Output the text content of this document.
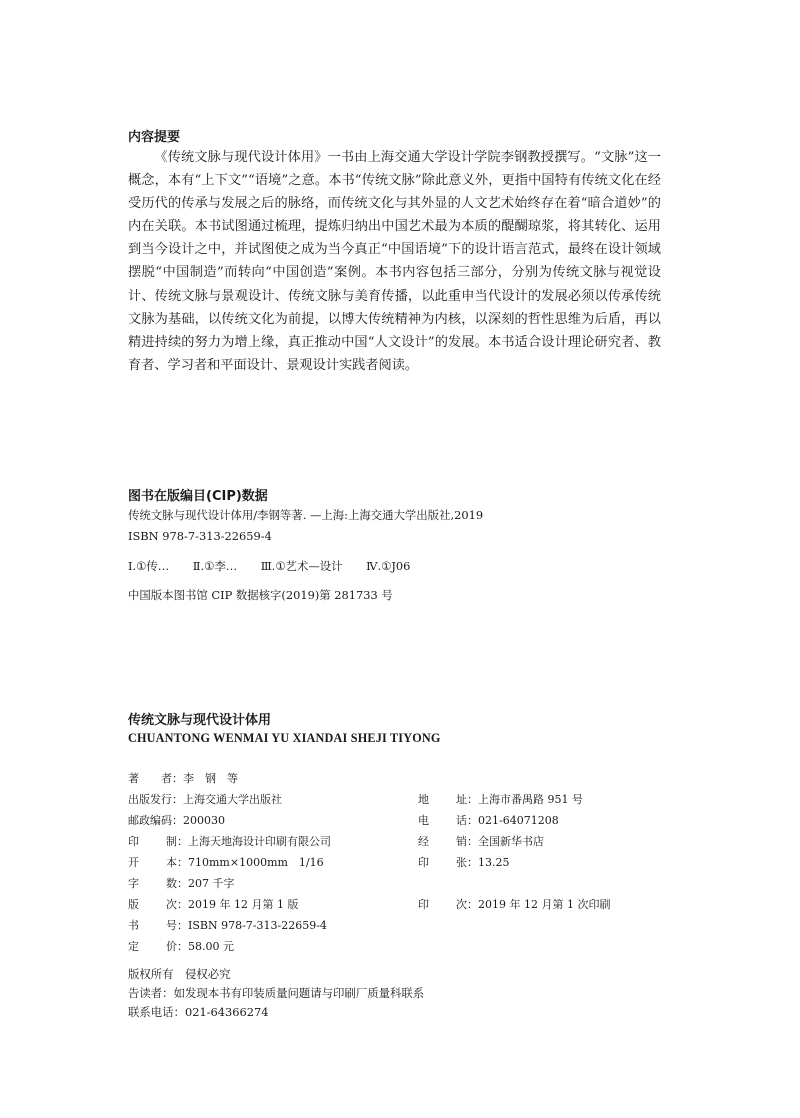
内容提要
《传统文脉与现代设计体用》一书由上海交通大学设计学院李钢教授撰写。“文脉”这一概念，本有“上下文”“语境”之意。本书“传统文脉”除此意义外，更指中国特有传统文化在经受历代的传承与发展之后的脉络，而传统文化与其外显的人文艺术始终存在着“暗合道妙”的内在关联。本书试图通过梳理，提炼归纳出中国艺术最为本质的醍醐琼浆，将其转化、运用到当今设计之中，并试图使之成为当今真正“中国语境”下的设计语言范式，最终在设计领域摆脱“中国制造”而转向“中国创造”案例。本书内容包括三部分，分别为传统文脉与视觉设计、传统文脉与景观设计、传统文脉与美育传播，以此重申当代设计的发展必须以传承传统文脉为基础，以传统文化为前提，以博大传统精神为内核，以深刻的哲性思维为后盾，再以精进持续的努力为增上缘，真正推动中国“人文设计”的发展。本书适合设计理论研究者、教育者、学习者和平面设计、景观设计实践者阅读。
图书在版编目(CIP)数据
传统文脉与现代设计体用/李钢等著. —上海:上海交通大学出版社,2019
ISBN 978-7-313-22659-4
Ⅰ.①传… Ⅱ.①李… Ⅲ.①艺术—设计 Ⅳ.①J06
中国版本图书馆 CIP 数据核字(2019)第 281733 号
传统文脉与现代设计体用
CHUANTONG WENMAI YU XIANDAI SHEJI TIYONG
著　　者：李　钢　等
出版发行：上海交通大学出版社	地 址：上海市番禺路 951 号
邮政编码：200030	电 话：021-64071208
印 制：上海天地海设计印刷有限公司	经 销：全国新华书店
开 本：710mm×1000mm　1/16	印 张：13.25
字 数：207 千字
版 次：2019 年 12 月第 1 版	印 次：2019 年 12 月第 1 次印刷
书 号：ISBN 978-7-313-22659-4
定 价：58.00 元
版权所有　侵权必究
告读者：如发现本书有印装质量问题请与印刷厂质量科联系
联系电话：021-64366274
